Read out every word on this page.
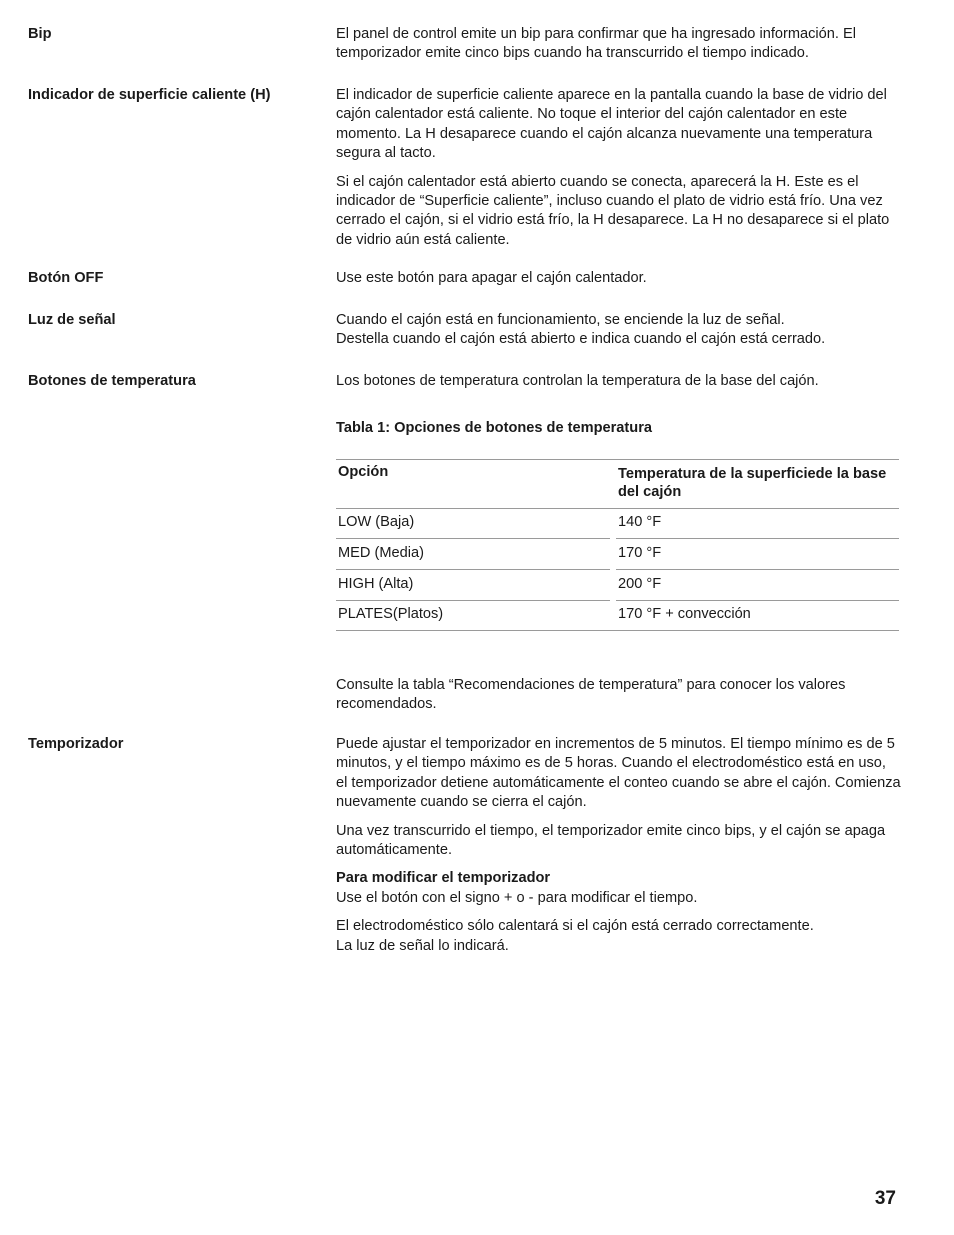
Bip	El panel de control emite un bip para confirmar que ha ingresado información. El temporizador emite cinco bips cuando ha transcurrido el tiempo indicado.

Indicador de superficie caliente (H)	El indicador de superficie caliente aparece en la pantalla cuando la base de vidrio del cajón calentador está caliente. No toque el interior del cajón calentador en este momento. La H desaparece cuando el cajón alcanza nuevamente una temperatura segura al tacto.

Si el cajón calentador está abierto cuando se conecta, aparecerá la H. Este es el indicador de “Superficie caliente”, incluso cuando el plato de vidrio está frío. Una vez cerrado el cajón, si el vidrio está frío, la H desaparece. La H no desaparece si el plato de vidrio aún está caliente.

Botón OFF	Use este botón para apagar el cajón calentador.

Luz de señal	Cuando el cajón está en funcionamiento, se enciende la luz de señal.
Destella cuando el cajón está abierto e indica cuando el cajón está cerrado.
Botones de temperatura	Los botones de temperatura controlan la temperatura de la base del cajón.

Tabla 1: Opciones de botones de temperatura
Opción	Temperatura de la superficiede la base del cajón
LOW (Baja)	140 °F
MED (Media)	170 °F
HIGH (Alta)	200 °F
PLATES(Platos)	170 °F + convección

Consulte la tabla “Recomendaciones de temperatura” para conocer los valores recomendados.

Temporizador	Puede ajustar el temporizador en incrementos de 5 minutos. El tiempo mínimo es de 5 minutos, y el tiempo máximo es de 5 horas. Cuando el electrodoméstico está en uso, el temporizador detiene automáticamente el conteo cuando se abre el cajón. Comienza nuevamente cuando se cierra el cajón.

Una vez transcurrido el tiempo, el temporizador emite cinco bips, y el cajón se apaga automáticamente.

Para modificar el temporizador

Use el botón con el signo + o - para modificar el tiempo.

El electrodoméstico sólo calentará si el cajón está cerrado correctamente.
La luz de señal lo indicará.
37
